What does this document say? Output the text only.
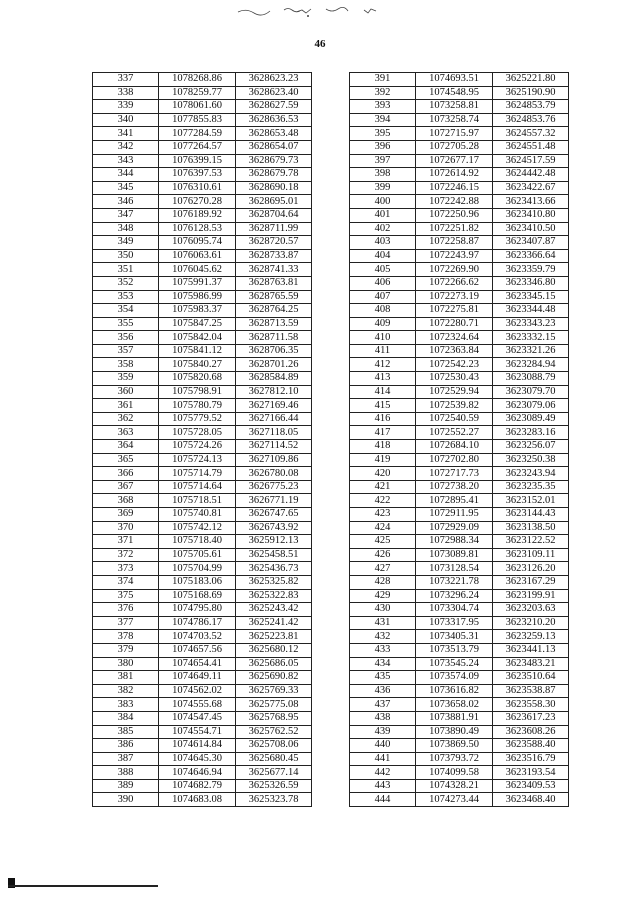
46
337	1078268.86	3628623.23
338	1078259.77	3628623.40
339	1078061.60	3628627.59
340	1077855.83	3628636.53
341	1077284.59	3628653.48
342	1077264.57	3628654.07
343	1076399.15	3628679.73
344	1076397.53	3628679.78
345	1076310.61	3628690.18
346	1076270.28	3628695.01
347	1076189.92	3628704.64
348	1076128.53	3628711.99
349	1076095.74	3628720.57
350	1076063.61	3628733.87
351	1076045.62	3628741.33
352	1075991.37	3628763.81
353	1075986.99	3628765.59
354	1075983.37	3628764.25
355	1075847.25	3628713.59
356	1075842.04	3628711.58
357	1075841.12	3628706.35
358	1075840.27	3628701.26
359	1075820.68	3628584.89
360	1075798.91	3627812.10
361	1075780.79	3627169.46
362	1075779.52	3627166.44
363	1075728.05	3627118.05
364	1075724.26	3627114.52
365	1075724.13	3627109.86
366	1075714.79	3626780.08
367	1075714.64	3626775.23
368	1075718.51	3626771.19
369	1075740.81	3626747.65
370	1075742.12	3626743.92
371	1075718.40	3625912.13
372	1075705.61	3625458.51
373	1075704.99	3625436.73
374	1075183.06	3625325.82
375	1075168.69	3625322.83
376	1074795.80	3625243.42
377	1074786.17	3625241.42
378	1074703.52	3625223.81
379	1074657.56	3625680.12
380	1074654.41	3625686.05
381	1074649.11	3625690.82
382	1074562.02	3625769.33
383	1074555.68	3625775.08
384	1074547.45	3625768.95
385	1074554.71	3625762.52
386	1074614.84	3625708.06
387	1074645.30	3625680.45
388	1074646.94	3625677.14
389	1074682.79	3625326.59
390	1074683.08	3625323.78
391	1074693.51	3625221.80
392	1074548.95	3625190.90
393	1073258.81	3624853.79
394	1073258.74	3624853.76
395	1072715.97	3624557.32
396	1072705.28	3624551.48
397	1072677.17	3624517.59
398	1072614.92	3624442.48
399	1072246.15	3623422.67
400	1072242.88	3623413.66
401	1072250.96	3623410.80
402	1072251.82	3623410.50
403	1072258.87	3623407.87
404	1072243.97	3623366.64
405	1072269.90	3623359.79
406	1072266.62	3623346.80
407	1072273.19	3623345.15
408	1072275.81	3623344.48
409	1072280.71	3623343.23
410	1072324.64	3623332.15
411	1072363.84	3623321.26
412	1072542.23	3623284.94
413	1072530.43	3623088.79
414	1072529.94	3623079.70
415	1072539.82	3623079.06
416	1072540.59	3623089.49
417	1072552.27	3623283.16
418	1072684.10	3623256.07
419	1072702.80	3623250.38
420	1072717.73	3623243.94
421	1072738.20	3623235.35
422	1072895.41	3623152.01
423	1072911.95	3623144.43
424	1072929.09	3623138.50
425	1072988.34	3623122.52
426	1073089.81	3623109.11
427	1073128.54	3623126.20
428	1073221.78	3623167.29
429	1073296.24	3623199.91
430	1073304.74	3623203.63
431	1073317.95	3623210.20
432	1073405.31	3623259.13
433	1073513.79	3623441.13
434	1073545.24	3623483.21
435	1073574.09	3623510.64
436	1073616.82	3623538.87
437	1073658.02	3623558.30
438	1073881.91	3623617.23
439	1073890.49	3623608.26
440	1073869.50	3623588.40
441	1073793.72	3623516.79
442	1074099.58	3623193.54
443	1074328.21	3623409.53
444	1074273.44	3623468.40
